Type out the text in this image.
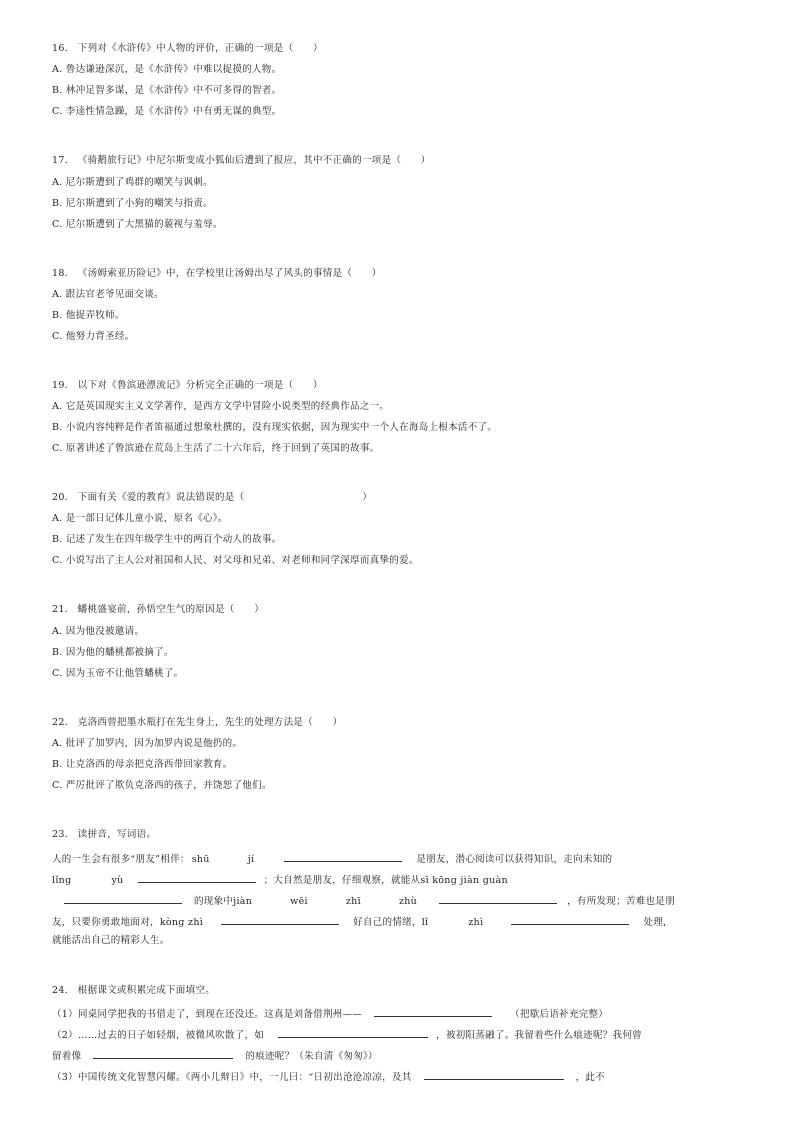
16． 下列对《水浒传》中人物的评价，正确的一项是（　　）
A. 鲁达谦逊深沉，是《水浒传》中难以捉摸的人物。
B. 林冲足智多谋，是《水浒传》中不可多得的智者。
C. 李逵性情急躁，是《水浒传》中有勇无谋的典型。
17． 《骑鹅旅行记》中尼尔斯变成小狐仙后遭到了报应，其中不正确的一项是（　　）
A. 尼尔斯遭到了鸡群的嘲笑与讽刺。
B. 尼尔斯遭到了小狗的嘲笑与指责。
C. 尼尔斯遭到了大黑猫的藐视与羞辱。
18． 《汤姆索亚历险记》中，在学校里让汤姆出尽了风头的事情是（　　）
A. 跟法官老爷见面交谈。
B. 他捉弄牧师。
C. 他努力背圣经。
19． 以下对《鲁滨逊漂流记》分析完全正确的一项是（　　）
A. 它是英国现实主义文学著作，是西方文学中冒险小说类型的经典作品之一。
B. 小说内容纯粹是作者笛福通过想象杜撰的，没有现实依据，因为现实中一个人在海岛上根本活不了。
C. 原著讲述了鲁滨逊在荒岛上生活了二十六年后，终于回到了英国的故事。
20． 下面有关《爱的教育》说法错误的是（	）
A. 是一部日记体儿童小说，原名《心》。
B. 记述了发生在四年级学生中的两百个动人的故事。
C. 小说写出了主人公对祖国和人民、对父母和兄弟、对老师和同学深厚而真挚的爱。
21． 蟠桃盛宴前，孙悟空生气的原因是（　　）
A. 因为他没被邀请。
B. 因为他的蟠桃都被摘了。
C. 因为玉帝不让他管蟠桃了。
22． 克洛西曾把墨水瓶打在先生身上，先生的处理方法是（　　）
A. 批评了加罗内，因为加罗内说是他扔的。
B. 让克洛西的母亲把克洛西带回家教育。
C. 严厉批评了欺负克洛西的孩子，并饶恕了他们。
23． 读拼音，写词语。
人的一生会有很多“朋友”相伴： shū	jí	是朋友，潜心阅读可以获得知识，走向未知的
lǐng	yù	；大自然是朋友，仔细观察，就能从sī kōng jiàn guàn
的现象中jiàn	wēi	zhī	zhù	，有所发现；苦难也是朋
友，只要你勇敢地面对，kòng zhì	好自己的情绪，lǐ	zhì	处理，
就能活出自己的精彩人生。
24． 根据课文或积累完成下面填空。
（1）同桌同学把我的书借走了，到现在还没还。这真是刘备借荆州——	（把歇后语补充完整）
（2）……过去的日子如轻烟，被微风吹散了，如	，被初阳蒸融了。我留着些什么痕迹呢？我何曾
留着像	的痕迹呢？（朱自清《匆匆》）
（3）中国传统文化智慧闪耀。《两小儿辩日》中，一儿曰：“日初出沧沧凉凉，及其	，此不
